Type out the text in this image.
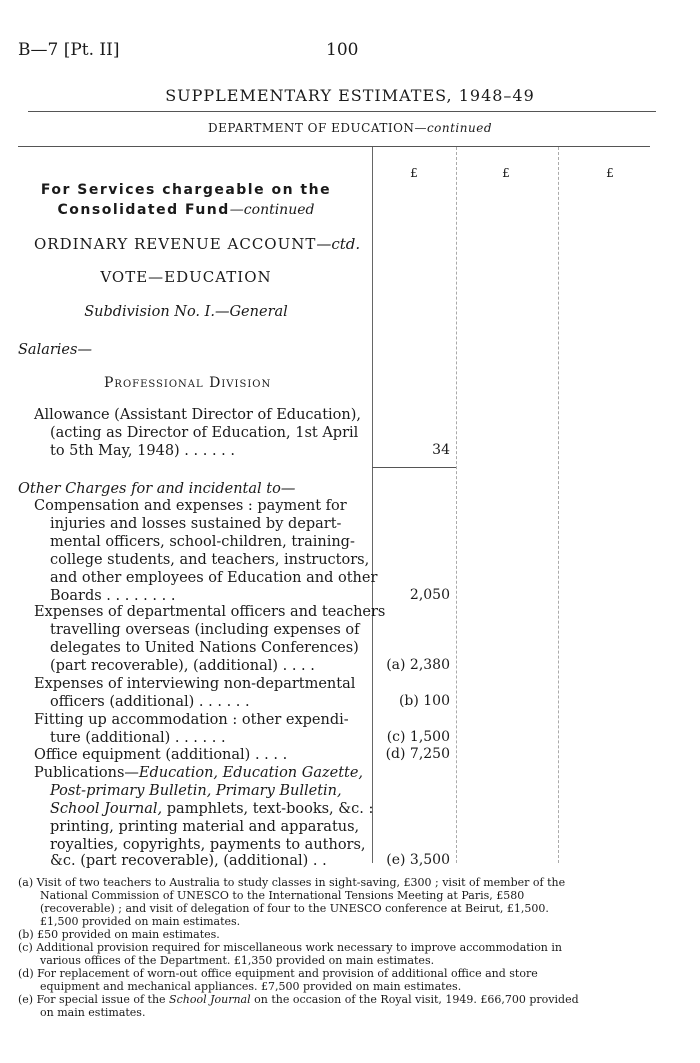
B—7 [Pt. II]	100
SUPPLEMENTARY ESTIMATES, 1948–49
DEPARTMENT OF EDUCATION—continued
£	£	£
For Services chargeable on the
Consolidated Fund—continued
ORDINARY REVENUE ACCOUNT—ctd.
VOTE—EDUCATION
Subdivision No. I.—General
Salaries—
Professional Division
Allowance (Assistant Director of Education),
(acting as Director of Education, 1st April
to 5th May, 1948) . . . . . .	34
Other Charges for and incidental to—
Compensation and expenses : payment for
injuries and losses sustained by depart-
mental officers, school-children, training-
college students, and teachers, instructors,
and other employees of Education and other
Boards . . . . . . . .	2,050
Expenses of departmental officers and teachers
travelling overseas (including expenses of
delegates to United Nations Conferences)
(part recoverable), (additional) . . . .	(a) 2,380
Expenses of interviewing non-departmental
officers (additional) . . . . . .	(b) 100
Fitting up accommodation : other expendi-
ture (additional) . . . . . .	(c) 1,500
Office equipment (additional) . . . .	(d) 7,250
Publications—Education, Education Gazette,
Post-primary Bulletin, Primary Bulletin,
School Journal, pamphlets, text-books, &c. :
printing, printing material and apparatus,
royalties, copyrights, payments to authors,
&c. (part recoverable), (additional) . .	(e) 3,500
(a) Visit of two teachers to Australia to study classes in sight-saving, £300 ; visit of member of the
National Commission of UNESCO to the International Tensions Meeting at Paris, £580
(recoverable) ; and visit of delegation of four to the UNESCO conference at Beirut, £1,500.
£1,500 provided on main estimates.
(b) £50 provided on main estimates.
(c) Additional provision required for miscellaneous work necessary to improve accommodation in
various offices of the Department. £1,350 provided on main estimates.
(d) For replacement of worn-out office equipment and provision of additional office and store
equipment and mechanical appliances. £7,500 provided on main estimates.
(e) For special issue of the School Journal on the occasion of the Royal visit, 1949. £66,700 provided
on main estimates.
